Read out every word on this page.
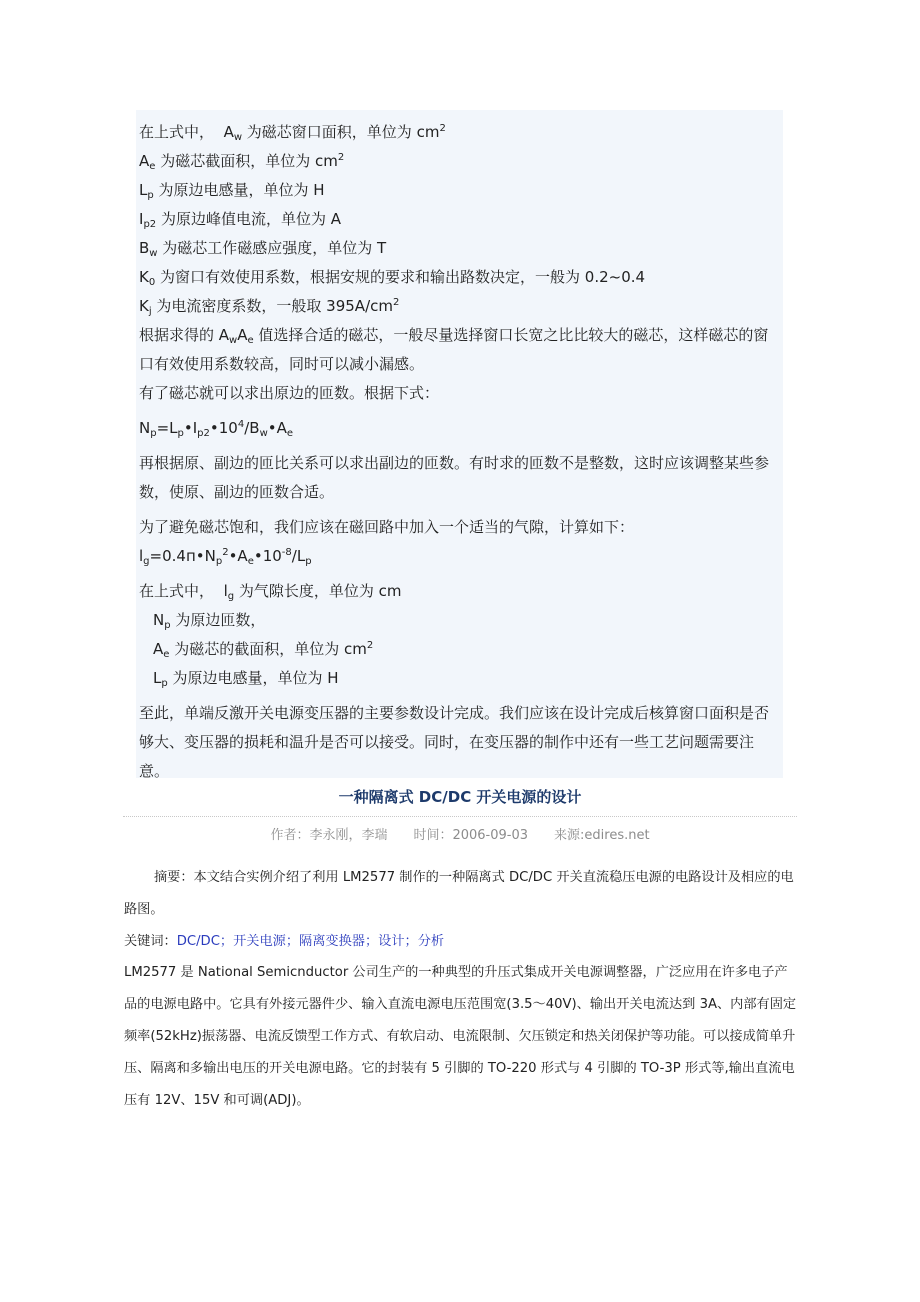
在上式中， $A_w$ 为磁芯窗口面积，单位为 $cm^2$

$A_e$ 为磁芯截面积，单位为 $cm^2$

$L_p$ 为原边电感量，单位为 H

$I_{p2}$ 为原边峰值电流，单位为 A

$B_w$ 为磁芯工作磁感应强度，单位为 T

$K_0$ 为窗口有效使用系数，根据安规的要求和输出路数决定，一般为 0.2~0.4

$K_j$ 为电流密度系数，一般取 $395A/cm^2$

根据求得的 $A_wA_e$ 值选择合适的磁芯，一般尽量选择窗口长宽之比比较大的磁芯，这样磁芯的窗口有效使用系数较高，同时可以减小漏感。

有了磁芯就可以求出原边的匝数。根据下式：

$N_p=L_p•I_{p2}•10^4/B_w•A_e$

再根据原、副边的匝比关系可以求出副边的匝数。有时求的匝数不是整数，这时应该调整某些参数，使原、副边的匝数合适。

为了避免磁芯饱和，我们应该在磁回路中加入一个适当的气隙，计算如下：

$l_g=0.4п•N_p^2•A_e•10^{-8}/L_p$

在上式中， $l_g$ 为气隙长度，单位为 cm

$N_p$ 为原边匝数，

$A_e$ 为磁芯的截面积，单位为 $cm^2$

$L_p$ 为原边电感量，单位为 H

至此，单端反激开关电源变压器的主要参数设计完成。我们应该在设计完成后核算窗口面积是否够大、变压器的损耗和温升是否可以接受。同时，在变压器的制作中还有一些工艺问题需要注意。

一种隔离式 DC/DC 开关电源的设计
作者：李永刚，李瑞 时间：2006-09-03 来源:edires.net

摘要：本文结合实例介绍了利用 LM2577 制作的一种隔离式 DC/DC 开关直流稳压电源的电路设计及相应的电路图。

关键词：DC/DC；开关电源；隔离变换器；设计；分析

LM2577 是 National Semicnductor 公司生产的一种典型的升压式集成开关电源调整器，广泛应用在许多电子产品的电源电路中。它具有外接元器件少、输入直流电源电压范围宽(3.5～40V)、输出开关电流达到 3A、内部有固定频率(52kHz)振荡器、电流反馈型工作方式、有软启动、电流限制、欠压锁定和热关闭保护等功能。可以接成简单升压、隔离和多输出电压的开关电源电路。它的封装有 5 引脚的 TO-220 形式与 4 引脚的 TO-3P 形式等,输出直流电压有 12V、15V 和可调(ADJ)。
